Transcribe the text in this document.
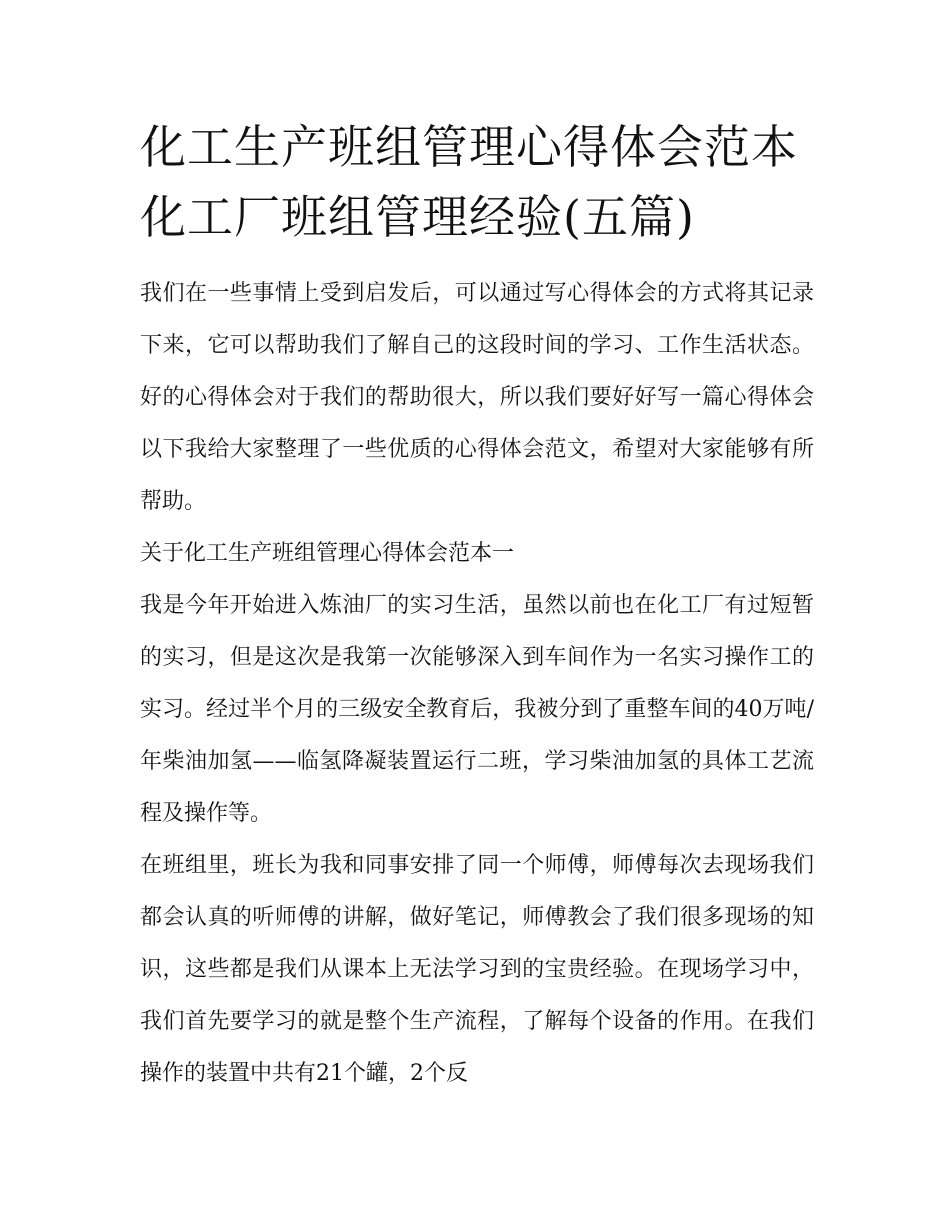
化工生产班组管理心得体会范本 化工厂班组管理经验(五篇)

我们在一些事情上受到启发后，可以通过写心得体会的方式将其记录下来，它可以帮助我们了解自己的这段时间的学习、工作生活状态。好的心得体会对于我们的帮助很大，所以我们要好好写一篇心得体会以下我给大家整理了一些优质的心得体会范文，希望对大家能够有所帮助。

关于化工生产班组管理心得体会范本一

我是今年开始进入炼油厂的实习生活，虽然以前也在化工厂有过短暂的实习，但是这次是我第一次能够深入到车间作为一名实习操作工的实习。经过半个月的三级安全教育后，我被分到了重整车间的40万吨/年柴油加氢——临氢降凝装置运行二班，学习柴油加氢的具体工艺流程及操作等。

在班组里，班长为我和同事安排了同一个师傅，师傅每次去现场我们都会认真的听师傅的讲解，做好笔记，师傅教会了我们很多现场的知识，这些都是我们从课本上无法学习到的宝贵经验。在现场学习中，我们首先要学习的就是整个生产流程，了解每个设备的作用。在我们操作的装置中共有21个罐，2个反
